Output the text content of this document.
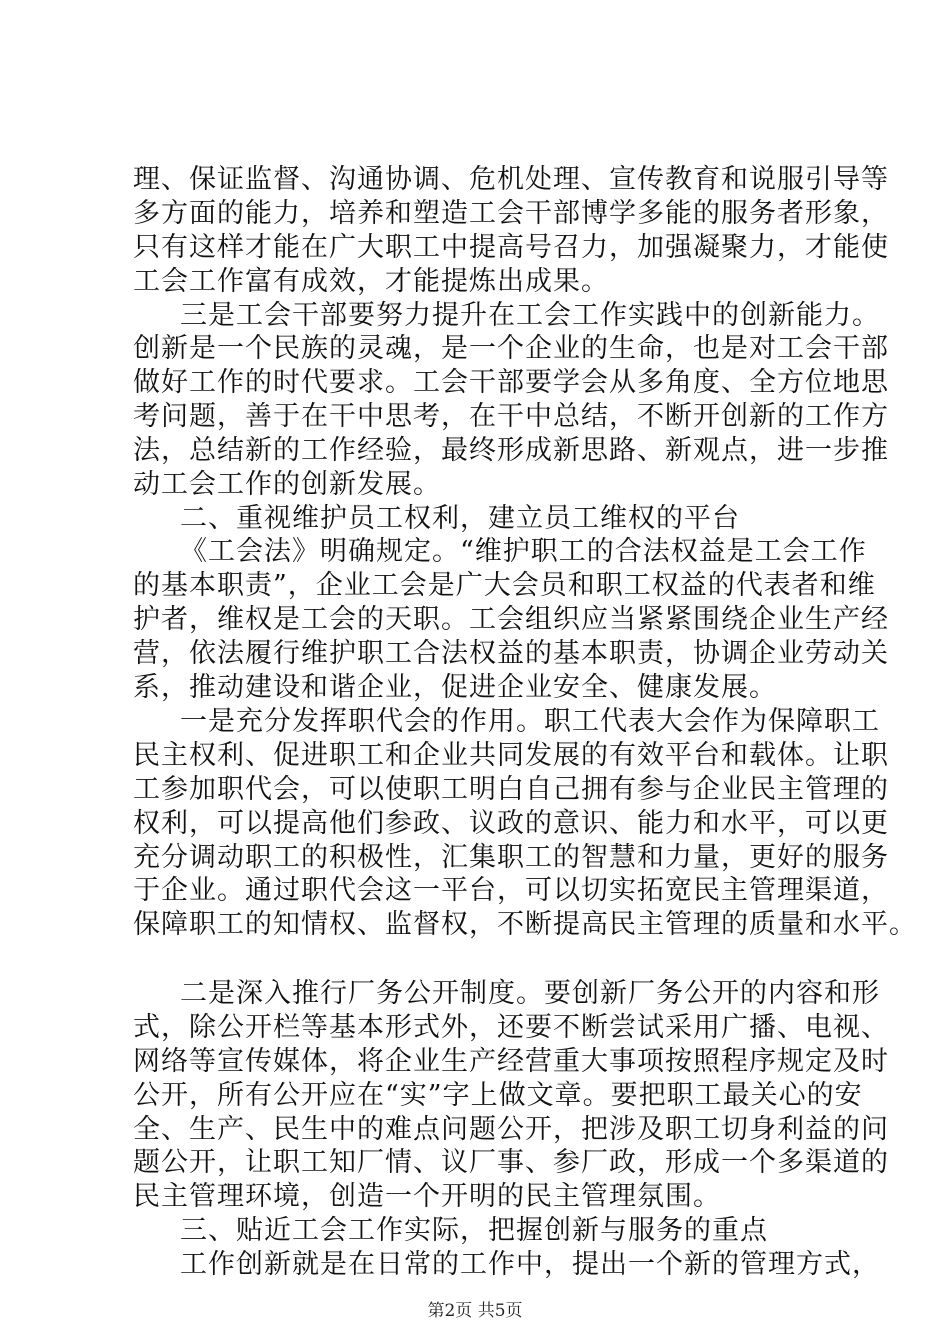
理、保证监督、沟通协调、危机处理、宣传教育和说服引导等
多方面的能力，培养和塑造工会干部博学多能的服务者形象，
只有这样才能在广大职工中提高号召力，加强凝聚力，才能使
工会工作富有成效，才能提炼出成果。
三是工会干部要努力提升在工会工作实践中的创新能力。
创新是一个民族的灵魂，是一个企业的生命，也是对工会干部
做好工作的时代要求。工会干部要学会从多角度、全方位地思
考问题，善于在干中思考，在干中总结，不断开创新的工作方
法，总结新的工作经验，最终形成新思路、新观点，进一步推
动工会工作的创新发展。
二、重视维护员工权利，建立员工维权的平台
《工会法》明确规定。“维护职工的合法权益是工会工作
的基本职责”，企业工会是广大会员和职工权益的代表者和维
护者，维权是工会的天职。工会组织应当紧紧围绕企业生产经
营，依法履行维护职工合法权益的基本职责，协调企业劳动关
系，推动建设和谐企业，促进企业安全、健康发展。
一是充分发挥职代会的作用。职工代表大会作为保障职工
民主权利、促进职工和企业共同发展的有效平台和载体。让职
工参加职代会，可以使职工明白自己拥有参与企业民主管理的
权利，可以提高他们参政、议政的意识、能力和水平，可以更
充分调动职工的积极性，汇集职工的智慧和力量，更好的服务
于企业。通过职代会这一平台，可以切实拓宽民主管理渠道，
保障职工的知情权、监督权，不断提高民主管理的质量和水平。
二是深入推行厂务公开制度。要创新厂务公开的内容和形
式，除公开栏等基本形式外，还要不断尝试采用广播、电视、
网络等宣传媒体，将企业生产经营重大事项按照程序规定及时
公开，所有公开应在“实”字上做文章。要把职工最关心的安
全、生产、民生中的难点问题公开，把涉及职工切身利益的问
题公开，让职工知厂情、议厂事、参厂政，形成一个多渠道的
民主管理环境，创造一个开明的民主管理氛围。
三、贴近工会工作实际，把握创新与服务的重点
工作创新就是在日常的工作中，提出一个新的管理方式，
第2页 共5页
